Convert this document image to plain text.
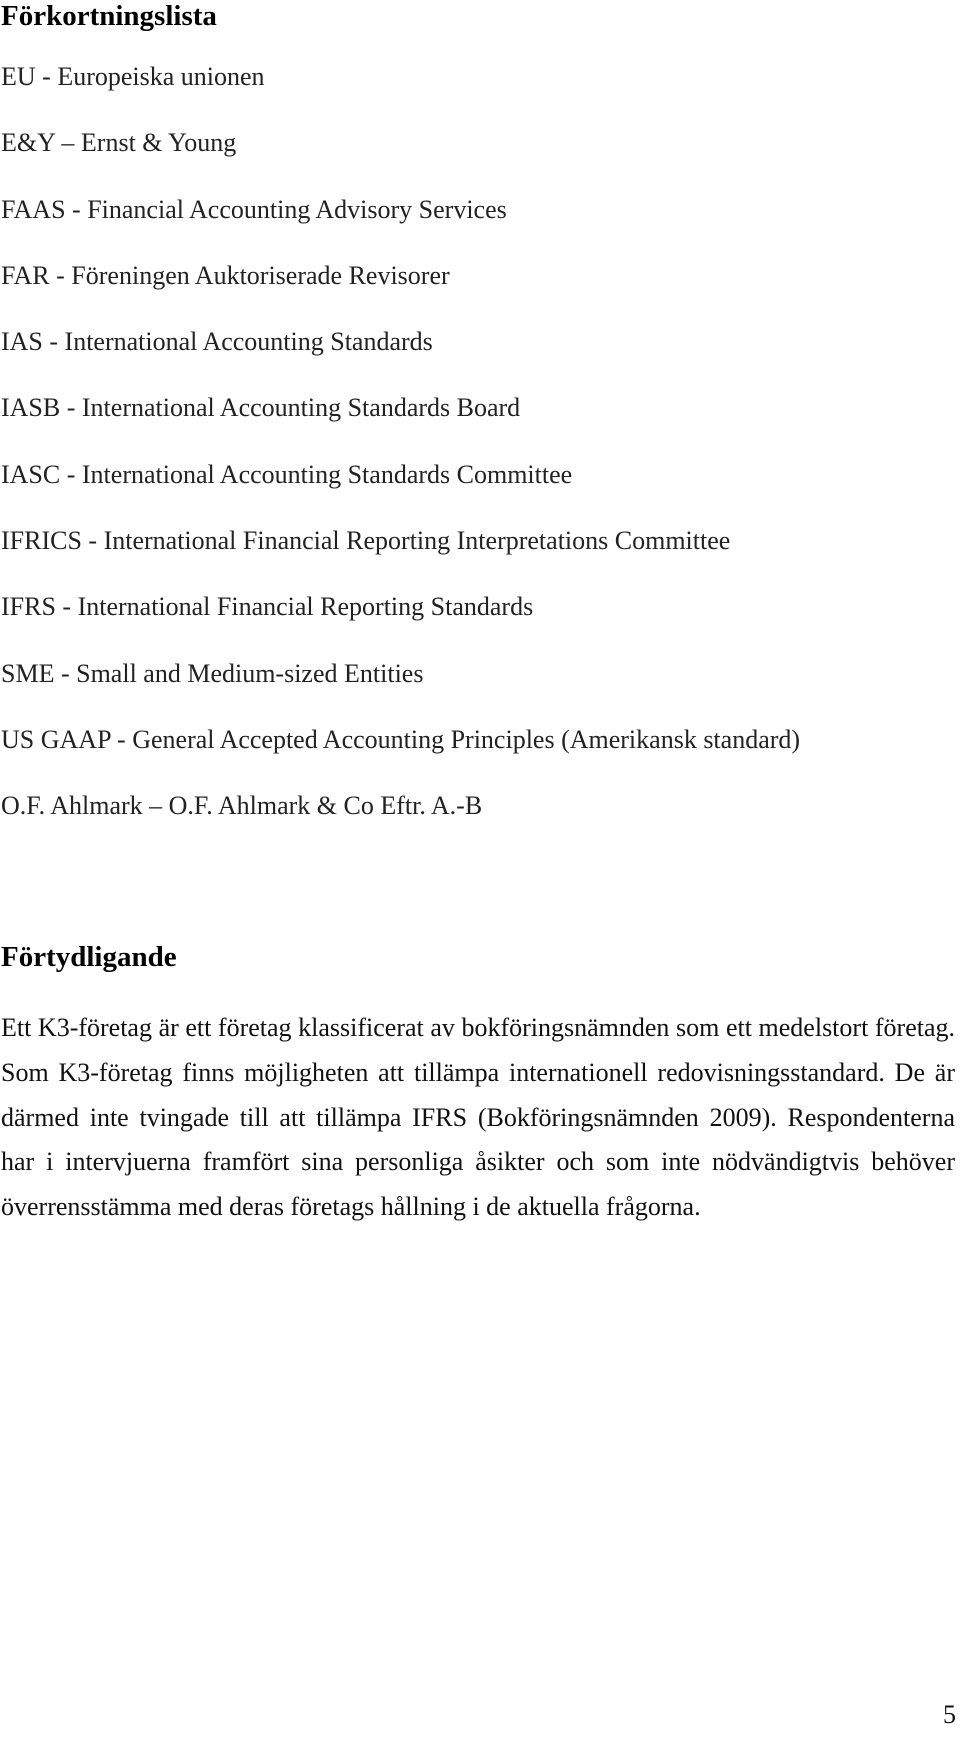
Förkortningslista
EU - Europeiska unionen
E&Y – Ernst & Young
FAAS - Financial Accounting Advisory Services
FAR - Föreningen Auktoriserade Revisorer
IAS - International Accounting Standards
IASB - International Accounting Standards Board
IASC - International Accounting Standards Committee
IFRICS - International Financial Reporting Interpretations Committee
IFRS - International Financial Reporting Standards
SME - Small and Medium-sized Entities
US GAAP - General Accepted Accounting Principles (Amerikansk standard)
O.F. Ahlmark – O.F. Ahlmark & Co Eftr. A.-B
Förtydligande

Ett K3-företag är ett företag klassificerat av bokföringsnämnden som ett medelstort företag. Som K3-företag finns möjligheten att tillämpa internationell redovisningsstandard. De är därmed inte tvingade till att tillämpa IFRS (Bokföringsnämnden 2009). Respondenterna har i intervjuerna framfört sina personliga åsikter och som inte nödvändigtvis behöver överrensstämma med deras företags hållning i de aktuella frågorna.

5
